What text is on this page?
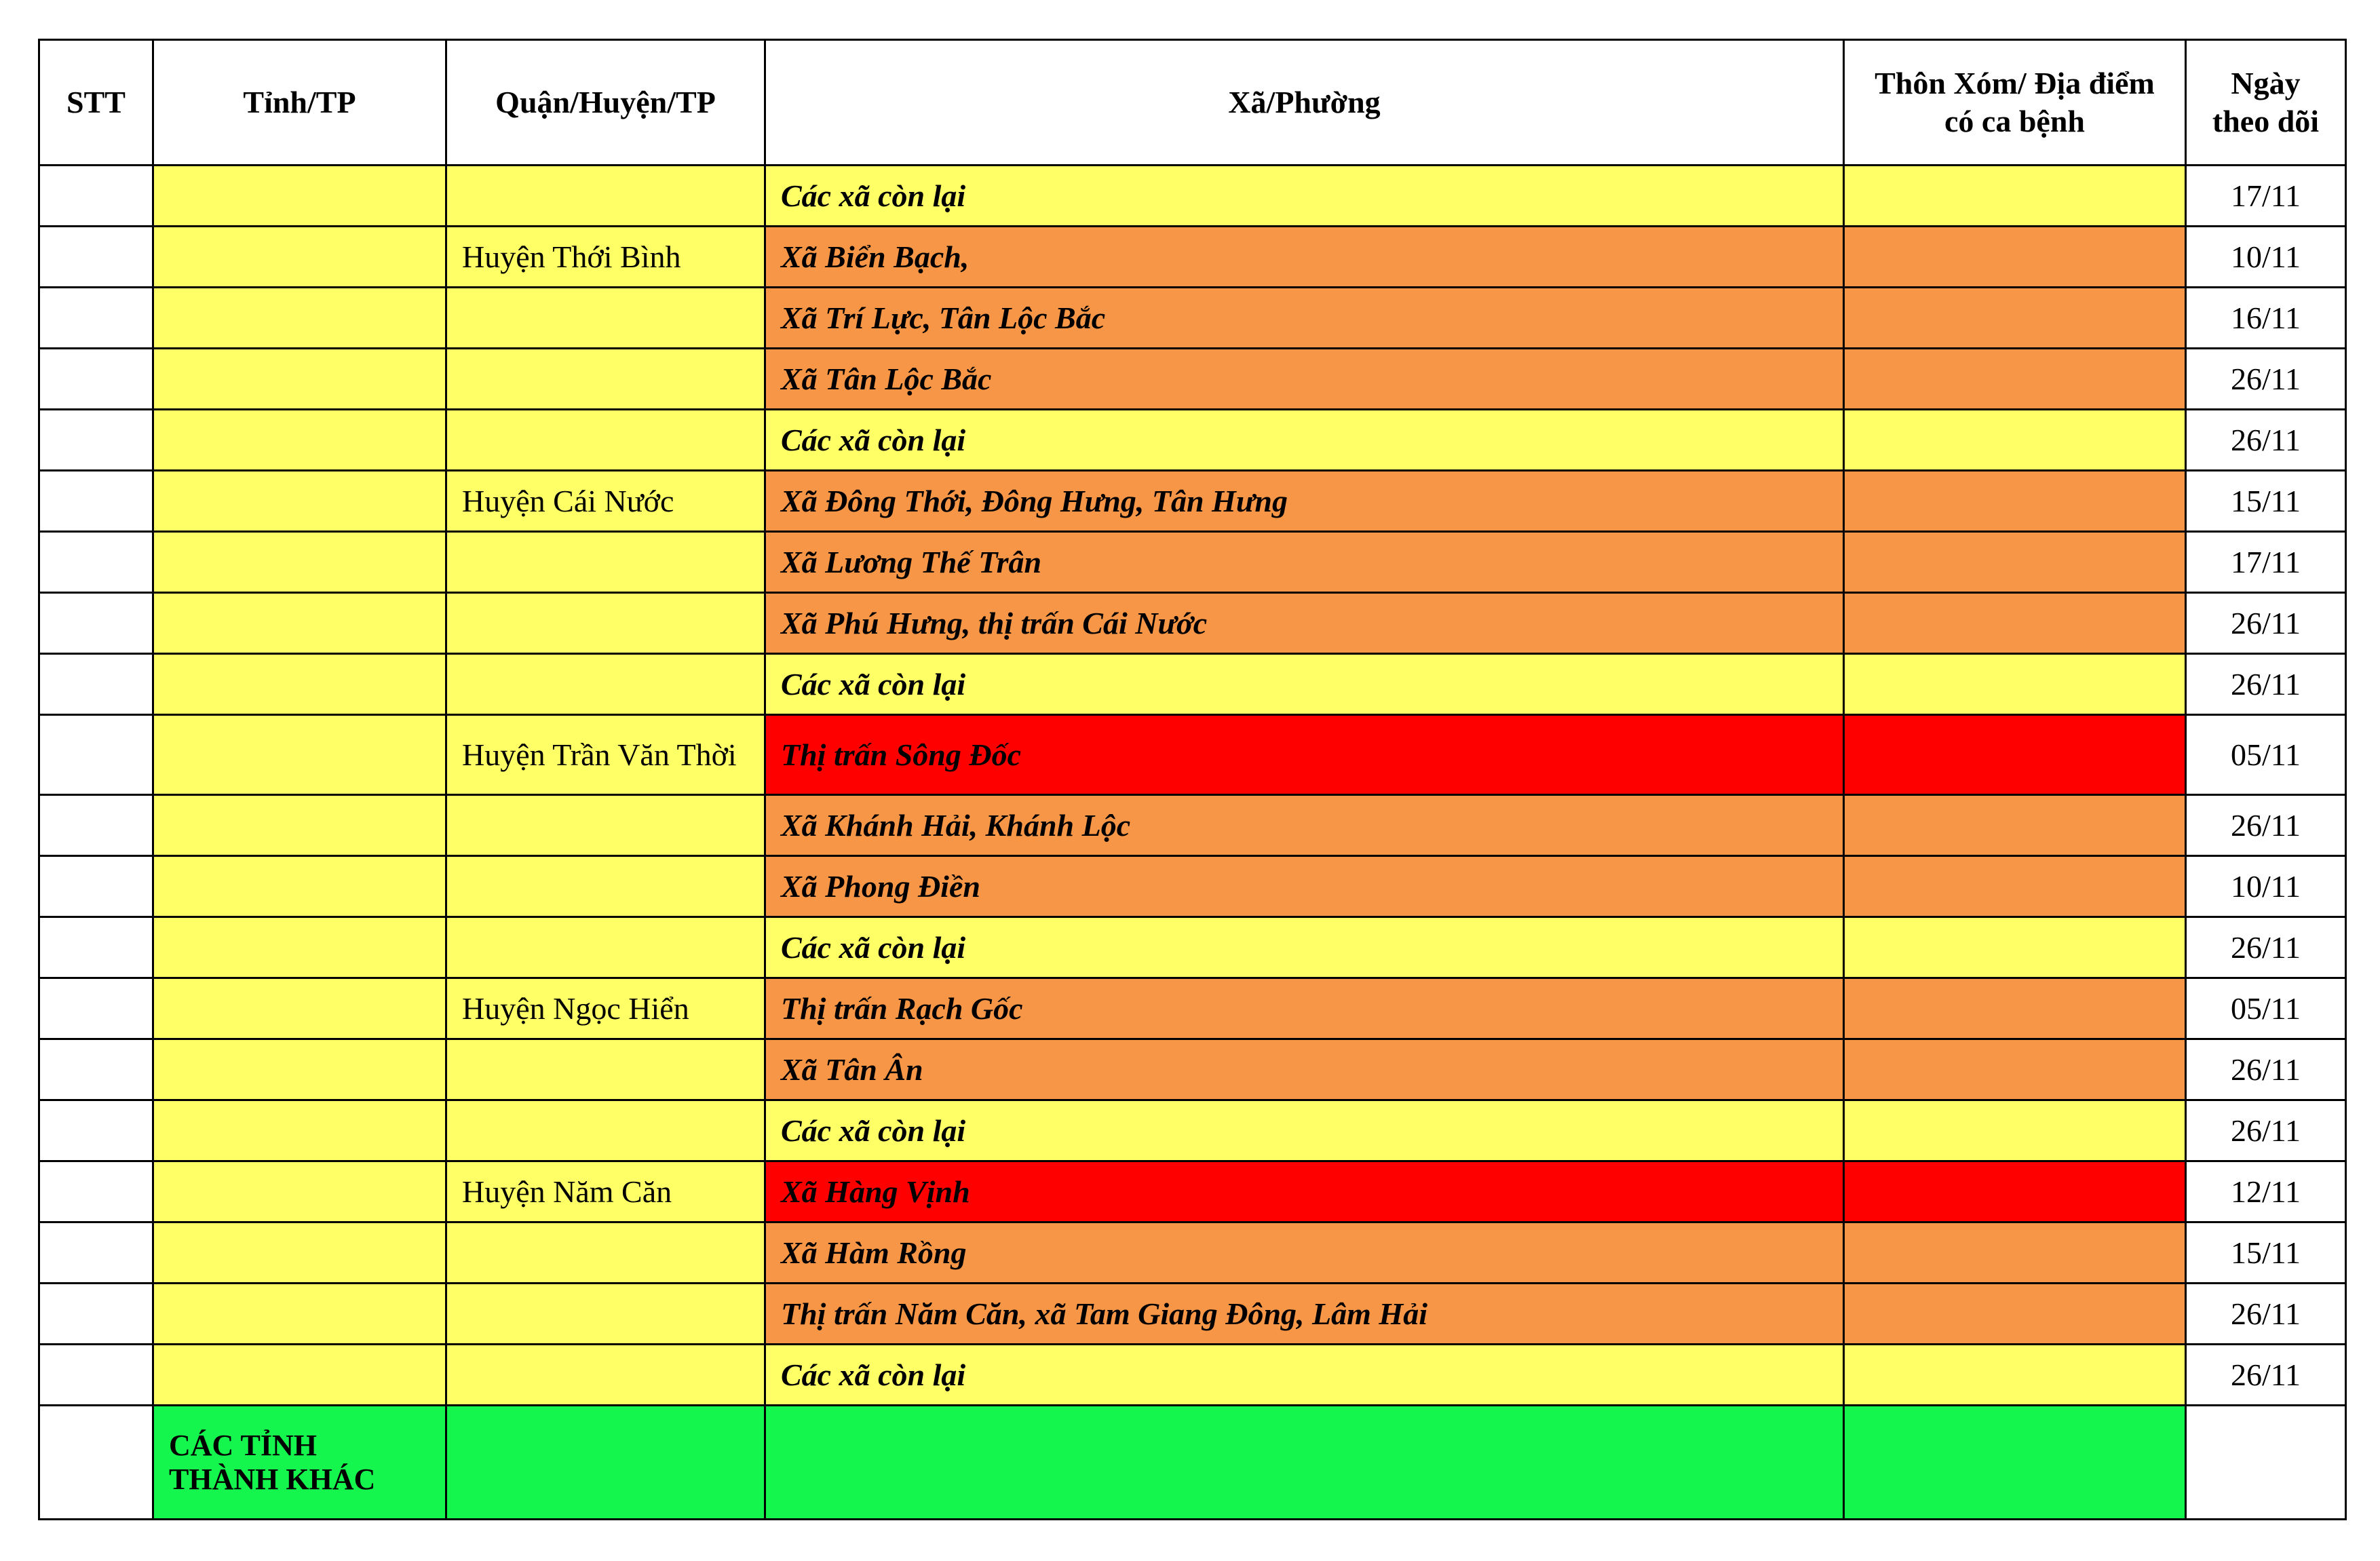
STT	Tỉnh/TP	Quận/Huyện/TP	Xã/Phường	Thôn Xóm/ Địa điểm có ca bệnh	Ngày theo dõi
			Các xã còn lại		17/11
		Huyện Thới Bình	Xã Biển Bạch,		10/11
			Xã Trí Lực, Tân Lộc Bắc		16/11
			Xã Tân Lộc Bắc		26/11
			Các xã còn lại		26/11
		Huyện Cái Nước	Xã Đông Thới, Đông Hưng, Tân Hưng		15/11
			Xã Lương Thế Trân		17/11
			Xã Phú Hưng, thị trấn Cái Nước		26/11
			Các xã còn lại		26/11
		Huyện Trần Văn Thời	Thị trấn Sông Đốc		05/11
			Xã Khánh Hải, Khánh Lộc		26/11
			Xã Phong Điền		10/11
			Các xã còn lại		26/11
		Huyện Ngọc Hiển	Thị trấn Rạch Gốc		05/11
			Xã Tân Ân		26/11
			Các xã còn lại		26/11
		Huyện Năm Căn	Xã Hàng Vịnh		12/11
			Xã Hàm Rồng		15/11
			Thị trấn Năm Căn, xã Tam Giang Đông, Lâm Hải		26/11
			Các xã còn lại		26/11

	CÁC TỈNH
THÀNH KHÁC				
